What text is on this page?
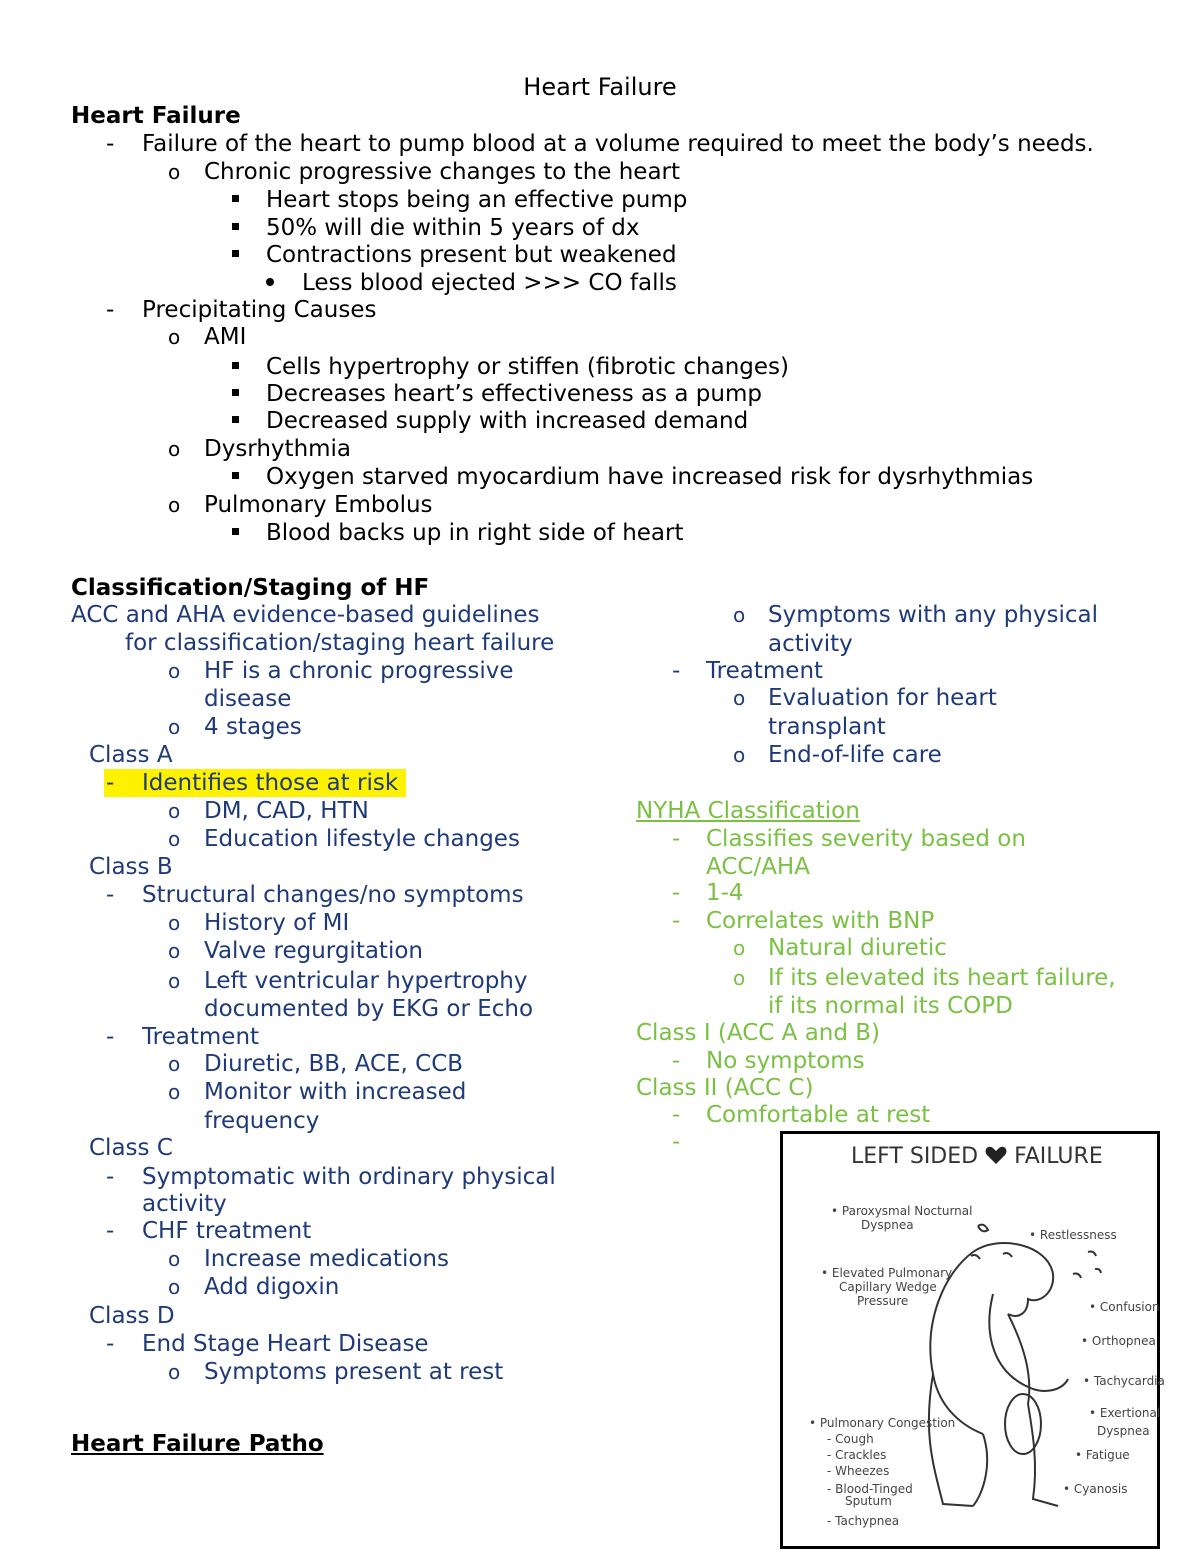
Heart Failure
Heart Failure
- Failure of the heart to pump blood at a volume required to meet the body’s needs.
o Chronic progressive changes to the heart
Heart stops being an effective pump
50% will die within 5 years of dx
Contractions present but weakened
Less blood ejected >>> CO falls
- Precipitating Causes
o AMI
Cells hypertrophy or stiffen (fibrotic changes)
Decreases heart’s effectiveness as a pump
Decreased supply with increased demand
o Dysrhythmia
Oxygen starved myocardium have increased risk for dysrhythmias
o Pulmonary Embolus
Blood backs up in right side of heart
Classification/Staging of HF
ACC and AHA evidence-based guidelines
for classification/staging heart failure
o HF is a chronic progressive
disease
o 4 stages
Class A
- Identifies those at risk
o DM, CAD, HTN
o Education lifestyle changes
Class B
- Structural changes/no symptoms
o History of MI
o Valve regurgitation
o Left ventricular hypertrophy
documented by EKG or Echo
- Treatment
o Diuretic, BB, ACE, CCB
o Monitor with increased
frequency
Class C
- Symptomatic with ordinary physical
activity
- CHF treatment
o Increase medications
o Add digoxin
Class D
- End Stage Heart Disease
o Symptoms present at rest
o Symptoms with any physical
activity
- Treatment
o Evaluation for heart
transplant
o End-of-life care
NYHA Classification
- Classifies severity based on
ACC/AHA
- 1-4
- Correlates with BNP
o Natural diuretic
o If its elevated its heart failure,
if its normal its COPD
Class I (ACC A and B)
- No symptoms
Class II (ACC C)
- Comfortable at rest
-
Heart Failure Patho
LEFT SIDED FAILURE
• Paroxysmal Nocturnal
Dyspnea
• Restlessness
• Elevated Pulmonary
Capillary Wedge
Pressure	• Confusion
• Orthopnea
• Tachycardia
• Exertional
Dyspnea
• Fatigue
• Cyanosis
• Pulmonary Congestion
- Cough
- Crackles
- Wheezes
- Blood-Tinged
Sputum
- Tachypnea
